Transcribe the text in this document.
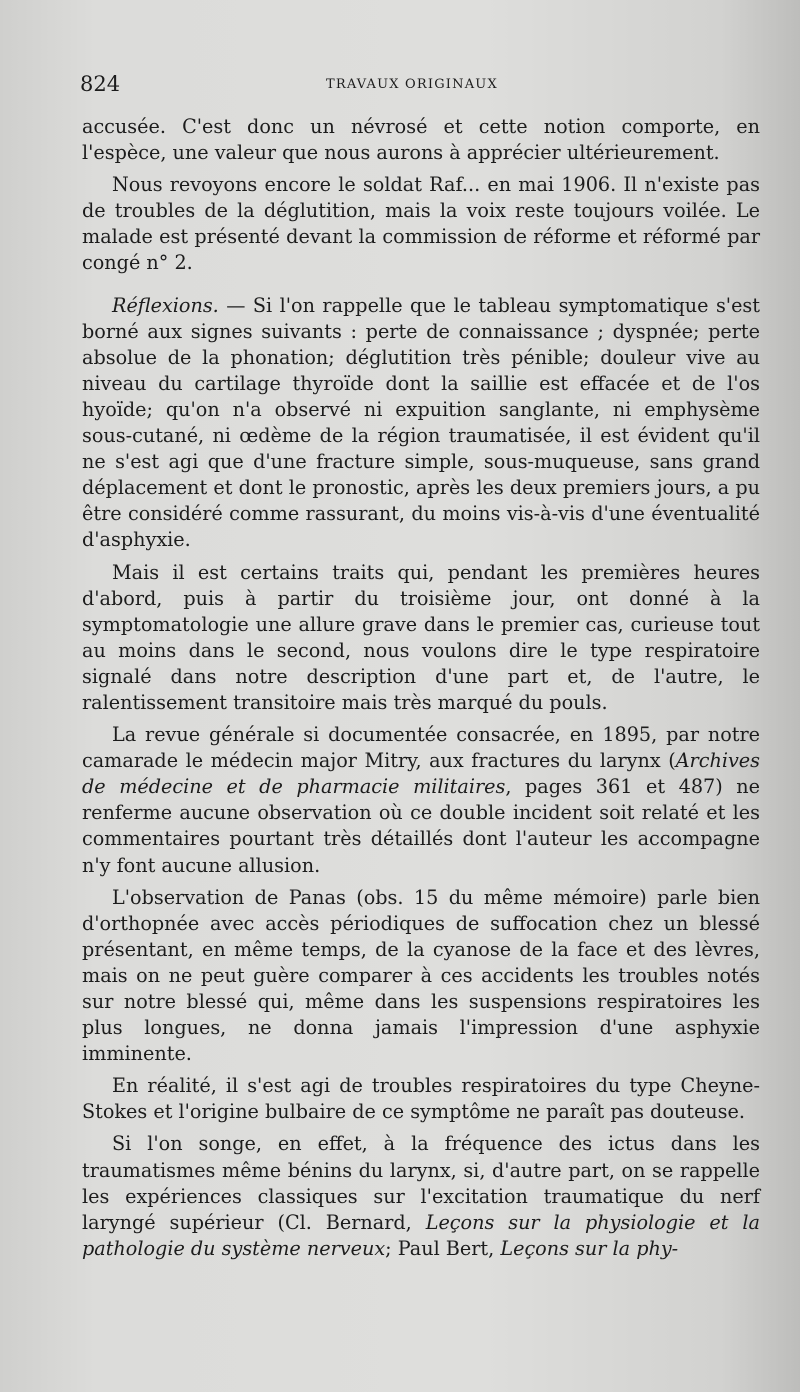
824	TRAVAUX ORIGINAUX

accusée. C'est donc un névrosé et cette notion comporte, en l'espèce, une valeur que nous aurons à apprécier ultérieurement.

Nous revoyons encore le soldat Raf... en mai 1906. Il n'existe pas de troubles de la déglutition, mais la voix reste toujours voilée. Le malade est présenté devant la commission de réforme et réformé par congé n° 2.

Réflexions. — Si l'on rappelle que le tableau symptomatique s'est borné aux signes suivants : perte de connaissance ; dyspnée; perte absolue de la phonation; déglutition très pénible; douleur vive au niveau du cartilage thyroïde dont la saillie est effacée et de l'os hyoïde; qu'on n'a observé ni expuition sanglante, ni emphysème sous-cutané, ni œdème de la région traumatisée, il est évident qu'il ne s'est agi que d'une fracture simple, sous-muqueuse, sans grand déplacement et dont le pronostic, après les deux premiers jours, a pu être considéré comme rassurant, du moins vis-à-vis d'une éventualité d'asphyxie.

Mais il est certains traits qui, pendant les premières heures d'abord, puis à partir du troisième jour, ont donné à la symptomatologie une allure grave dans le premier cas, curieuse tout au moins dans le second, nous voulons dire le type respiratoire signalé dans notre description d'une part et, de l'autre, le ralentissement transitoire mais très marqué du pouls.

La revue générale si documentée consacrée, en 1895, par notre camarade le médecin major Mitry, aux fractures du larynx (Archives de médecine et de pharmacie militaires, pages 361 et 487) ne renferme aucune observation où ce double incident soit relaté et les commentaires pourtant très détaillés dont l'auteur les accompagne n'y font aucune allusion.

L'observation de Panas (obs. 15 du même mémoire) parle bien d'orthopnée avec accès périodiques de suffocation chez un blessé présentant, en même temps, de la cyanose de la face et des lèvres, mais on ne peut guère comparer à ces accidents les troubles notés sur notre blessé qui, même dans les suspensions respiratoires les plus longues, ne donna jamais l'impression d'une asphyxie imminente.

En réalité, il s'est agi de troubles respiratoires du type Cheyne-Stokes et l'origine bulbaire de ce symptôme ne paraît pas douteuse.

Si l'on songe, en effet, à la fréquence des ictus dans les traumatismes même bénins du larynx, si, d'autre part, on se rappelle les expériences classiques sur l'excitation traumatique du nerf laryngé supérieur (Cl. Bernard, Leçons sur la physiologie et la pathologie du système nerveux; Paul Bert, Leçons sur la phy-
